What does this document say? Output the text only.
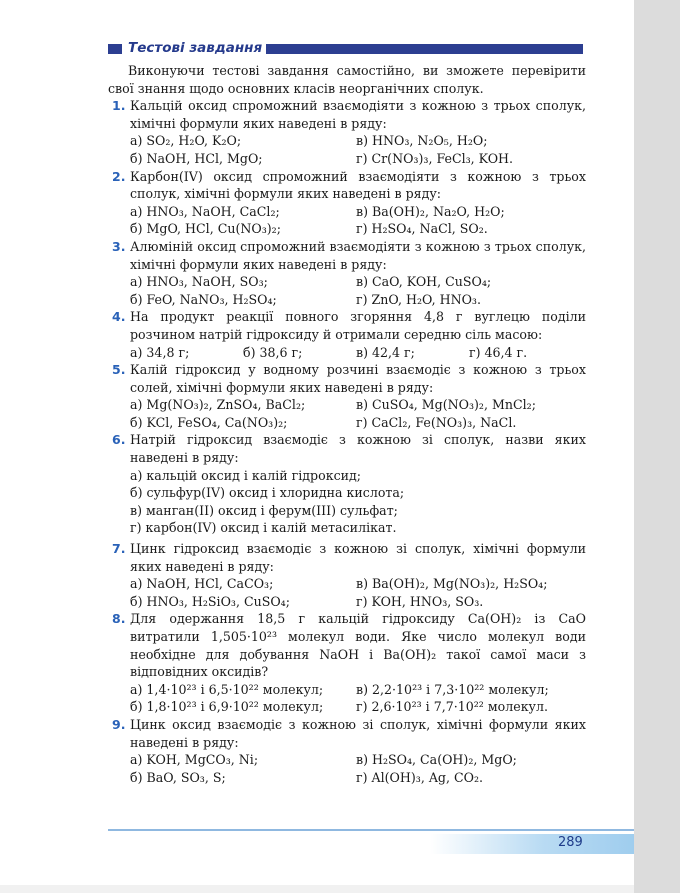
Тестові завдання

Виконуючи тестові завдання самостійно, ви зможете перевірити свої знання щодо основних класів неорганічних сполук.

1. Кальцій оксид спроможний взаємодіяти з кожною з трьох сполук, хімічні формули яких наведені в ряду:
а) SO₂, H₂O, K₂O;	в) HNO₃, N₂O₅, H₂O;
б) NaOH, HCl, MgO;	г) Cr(NO₃)₃, FeCl₃, KOH.
2. Карбон(IV) оксид спроможний взаємодіяти з кожною з трьох сполук, хімічні формули яких наведені в ряду:
а) HNO₃, NaOH, CaCl₂;	в) Ba(OH)₂, Na₂O, H₂O;
б) MgO, HCl, Cu(NO₃)₂;	г) H₂SO₄, NaCl, SO₂.
3. Алюміній оксид спроможний взаємодіяти з кожною з трьох сполук, хімічні формули яких наведені в ряду:
а) HNO₃, NaOH, SO₃;	в) CaO, KOH, CuSO₄;
б) FeO, NaNO₃, H₂SO₄;	г) ZnO, H₂O, HNO₃.
4. На продукт реакції повного згоряння 4,8 г вуглецю поділи розчином натрій гідроксиду й отримали середню сіль масою:
а) 34,8 г;	б) 38,6 г;	в) 42,4 г;	г) 46,4 г.
5. Калій гідроксид у водному розчині взаємодіє з кожною з трьох солей, хімічні формули яких наведені в ряду:
а) Mg(NO₃)₂, ZnSO₄, BaCl₂;	в) CuSO₄, Mg(NO₃)₂, MnCl₂;
б) KCl, FeSO₄, Ca(NO₃)₂;	г) CaCl₂, Fe(NO₃)₃, NaCl.
6. Натрій гідроксид взаємодіє з кожною зі сполук, назви яких наведені в ряду:
а) кальцій оксид і калій гідроксид;
б) сульфур(IV) оксид і хлоридна кислота;
в) манган(II) оксид і ферум(III) сульфат;
г) карбон(IV) оксид і калій метасилікат.
7. Цинк гідроксид взаємодіє з кожною зі сполук, хімічні формули яких наведені в ряду:
а) NaOH, HCl, CaCO₃;	в) Ba(OH)₂, Mg(NO₃)₂, H₂SO₄;
б) HNO₃, H₂SiO₃, CuSO₄;	г) KOH, HNO₃, SO₃.
8. Для одержання 18,5 г кальцій гідроксиду Ca(OH)₂ із CaO витратили 1,505·10²³ молекул води. Яке число молекул води необхідне для добування NaOH і Ba(OH)₂ такої самої маси з відповідних оксидів?
а) 1,4·10²³ і 6,5·10²² молекул;	в) 2,2·10²³ і 7,3·10²² молекул;
б) 1,8·10²³ і 6,9·10²² молекул;	г) 2,6·10²³ і 7,7·10²² молекул.
9. Цинк оксид взаємодіє з кожною зі сполук, хімічні формули яких наведені в ряду:
а) KOH, MgCO₃, Ni;	в) H₂SO₄, Ca(OH)₂, MgO;
б) BaO, SO₃, S;	г) Al(OH)₃, Ag, CO₂.
289
